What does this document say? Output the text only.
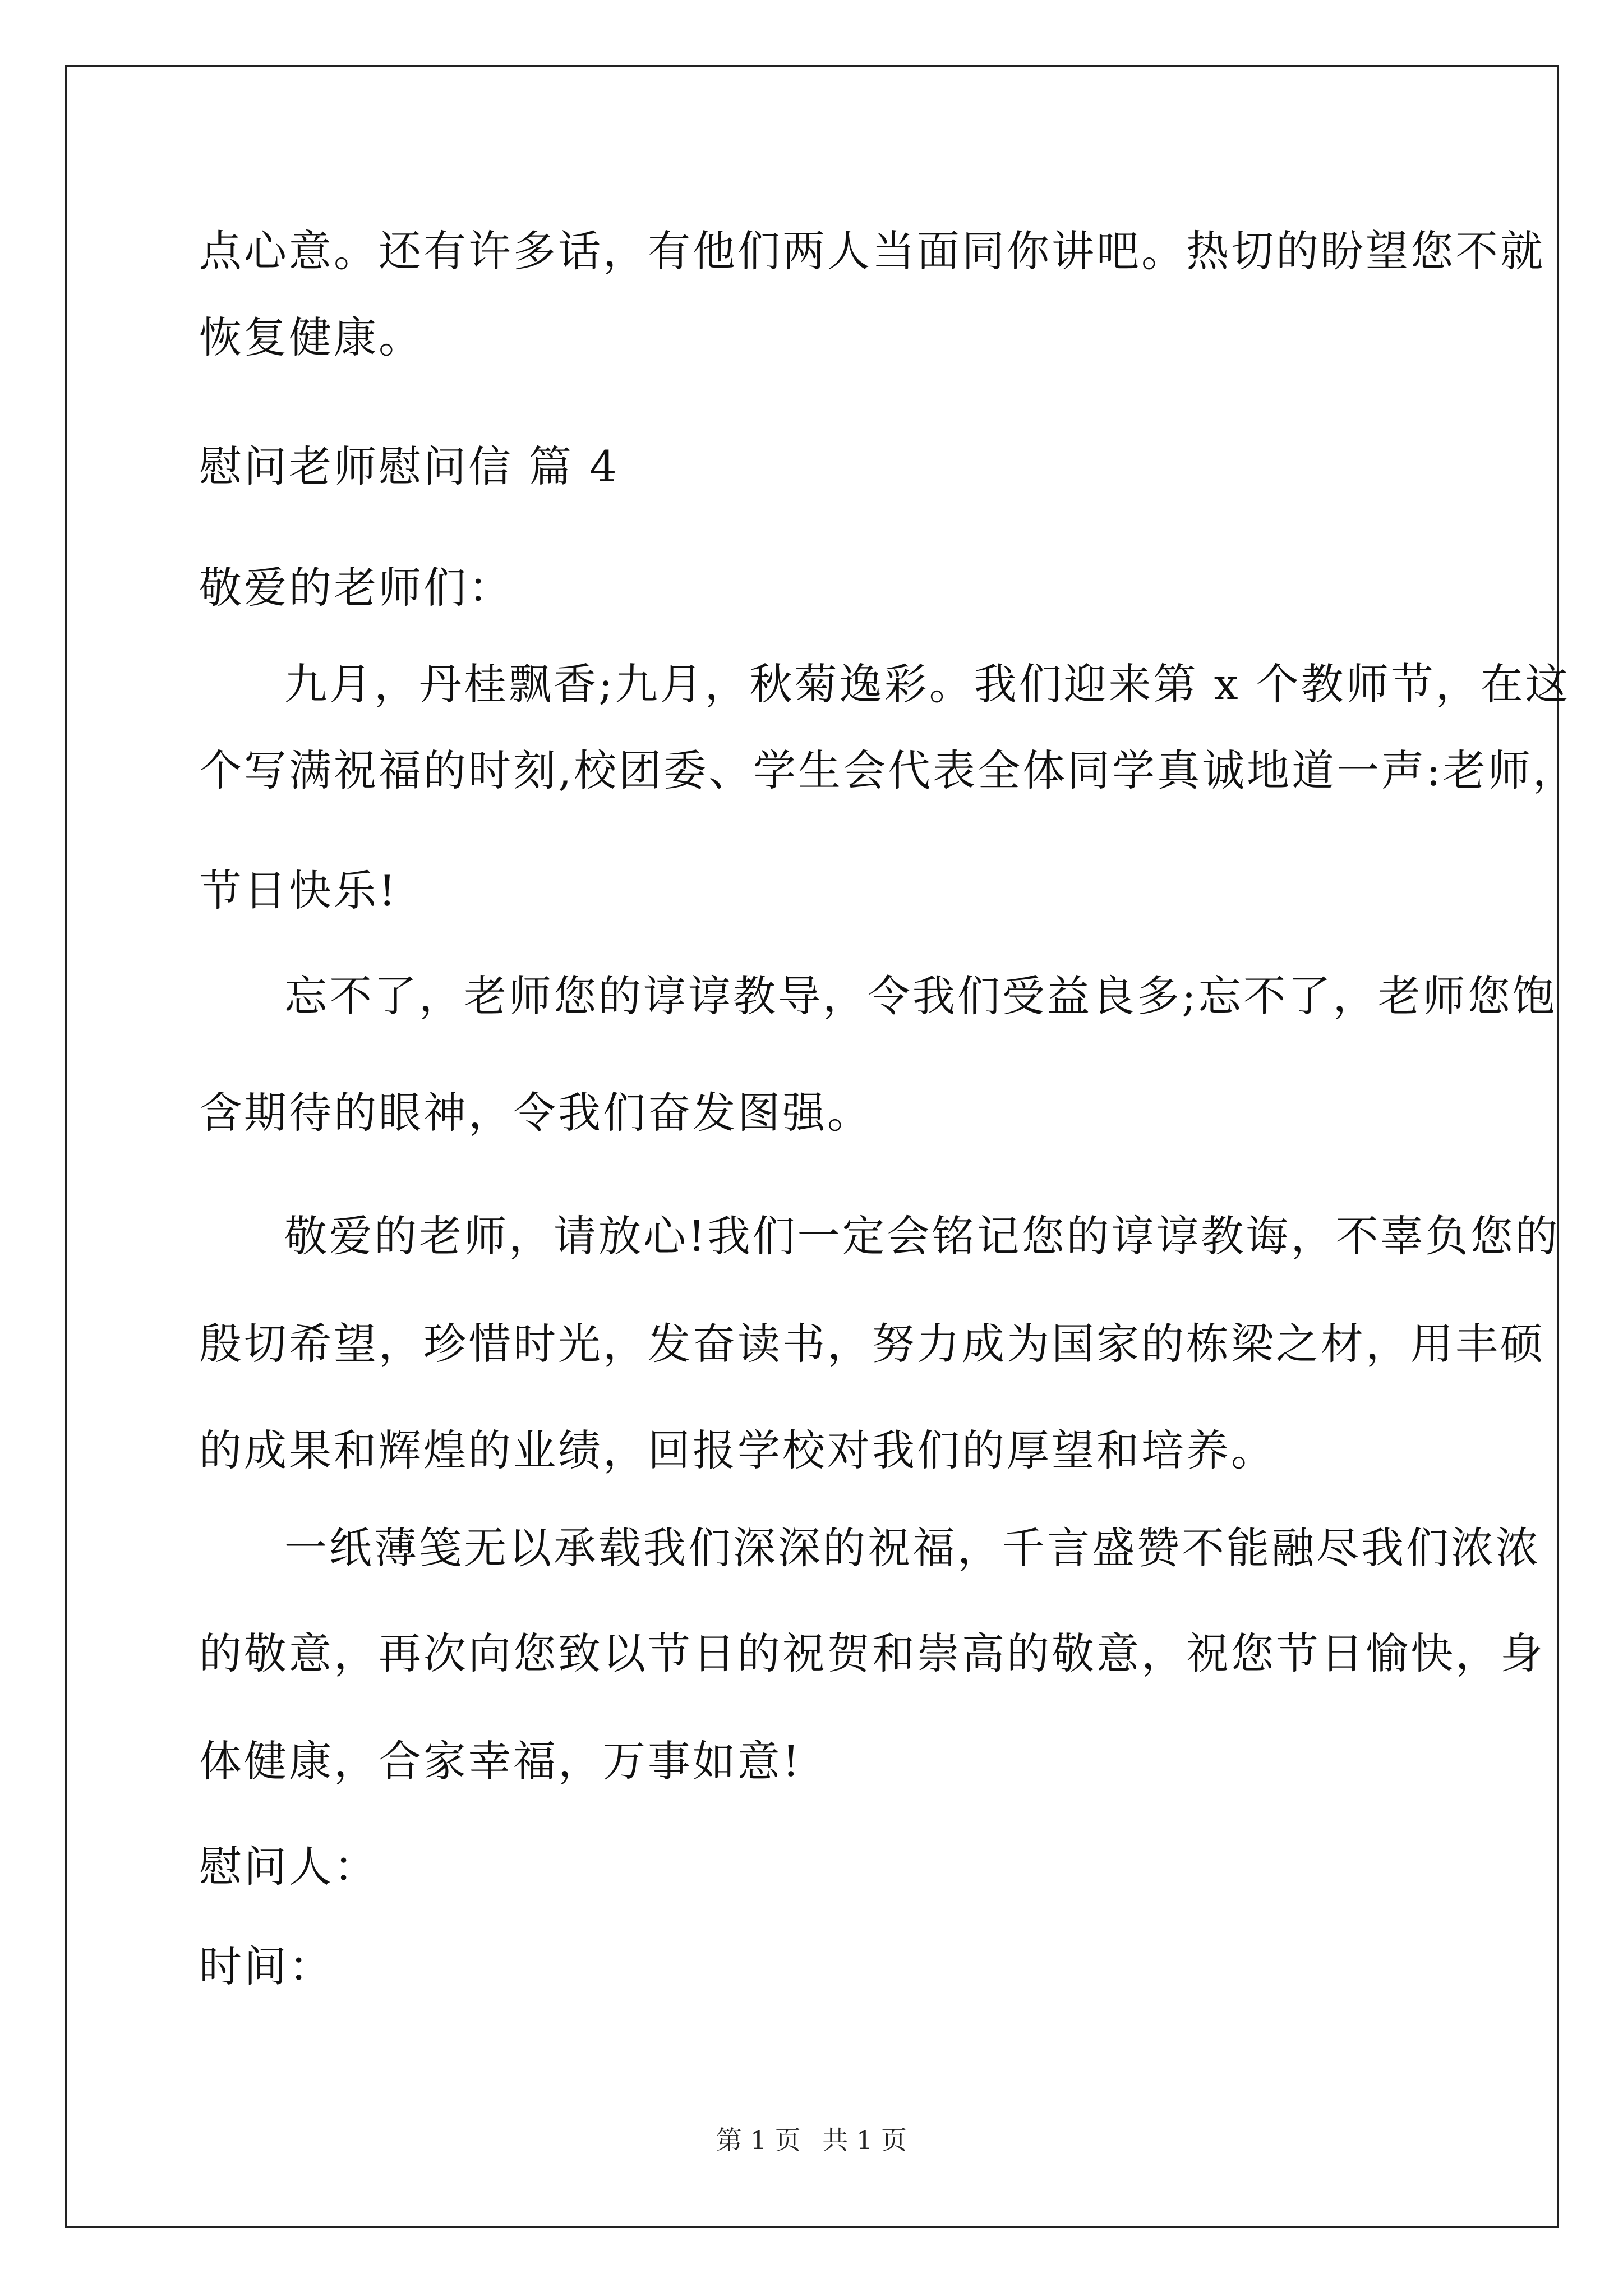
点心意。还有许多话，有他们两人当面同你讲吧。热切的盼望您不就
恢复健康。
慰问老师慰问信 篇 4
敬爱的老师们：
九月，丹桂飘香;九月，秋菊逸彩。我们迎来第 x 个教师节，在这
个写满祝福的时刻,校团委、学生会代表全体同学真诚地道一声:老师，
节日快乐!
忘不了，老师您的谆谆教导，令我们受益良多;忘不了，老师您饱
含期待的眼神，令我们奋发图强。
敬爱的老师，请放心!我们一定会铭记您的谆谆教诲，不辜负您的
殷切希望，珍惜时光，发奋读书，努力成为国家的栋梁之材，用丰硕
的成果和辉煌的业绩，回报学校对我们的厚望和培养。
一纸薄笺无以承载我们深深的祝福，千言盛赞不能融尽我们浓浓
的敬意，再次向您致以节日的祝贺和崇高的敬意，祝您节日愉快，身
体健康，合家幸福，万事如意!
慰问人：
时间：
第 1 页 共 1 页
